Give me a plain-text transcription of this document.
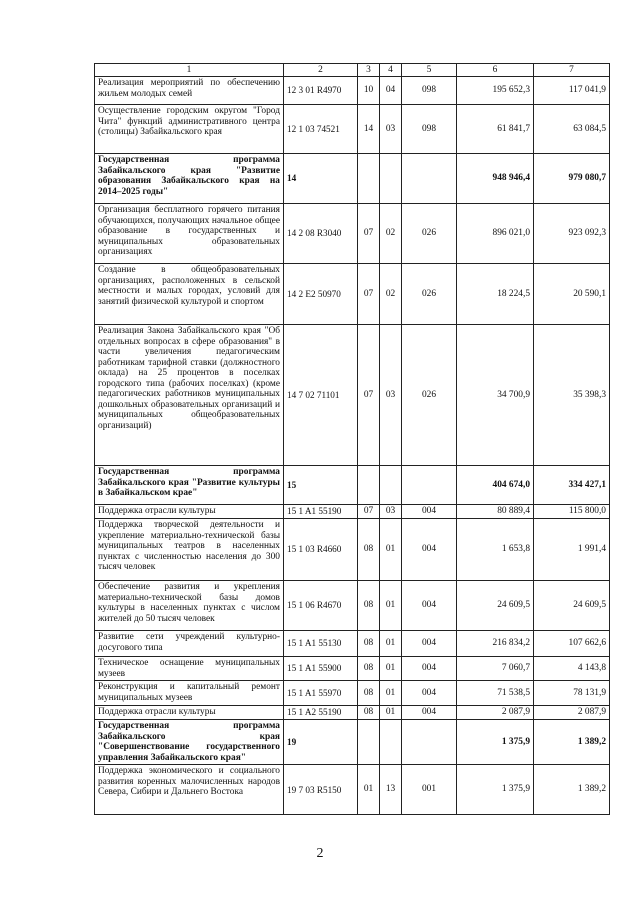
1	2	3	4	5	6	7
Реализация мероприятий по обеспечению жильем молодых семей	12 3 01 R4970	10	04	098	195 652,3	117 041,9
Осуществление городским округом "Город Чита" функций административного центра (столицы) Забайкальского края	12 1 03 74521	14	03	098	61 841,7	63 084,5
Государственная программа Забайкальского края "Развитие образования Забайкальского края на 2014–2025 годы"	14				948 946,4	979 080,7
Организация бесплатного горячего питания обучающихся, получающих начальное общее образование в государственных и муниципальных образовательных организациях	14 2 08 R3040	07	02	026	896 021,0	923 092,3
Создание в общеобразовательных организациях, расположенных в сельской местности и малых городах, условий для занятий физической культурой и спортом	14 2 E2 50970	07	02	026	18 224,5	20 590,1
Реализация Закона Забайкальского края "Об отдельных вопросах в сфере образования" в части увеличения педагогическим работникам тарифной ставки (должностного оклада) на 25 процентов в поселках городского типа (рабочих поселках) (кроме педагогических работников муниципальных дошкольных образовательных организаций и муниципальных общеобразовательных организаций)	14 7 02 71101	07	03	026	34 700,9	35 398,3
Государственная программа Забайкальского края "Развитие культуры в Забайкальском крае"	15				404 674,0	334 427,1
Поддержка отрасли культуры	15 1 A1 55190	07	03	004	80 889,4	115 800,0
Поддержка творческой деятельности и укрепление материально-технической базы муниципальных театров в населенных пунктах с численностью населения до 300 тысяч человек	15 1 03 R4660	08	01	004	1 653,8	1 991,4
Обеспечение развития и укрепления материально-технической базы домов культуры в населенных пунктах с числом жителей до 50 тысяч человек	15 1 06 R4670	08	01	004	24 609,5	24 609,5
Развитие сети учреждений культурно-досугового типа	15 1 A1 55130	08	01	004	216 834,2	107 662,6
Техническое оснащение муниципальных музеев	15 1 A1 55900	08	01	004	7 060,7	4 143,8
Реконструкция и капитальный ремонт муниципальных музеев	15 1 A1 55970	08	01	004	71 538,5	78 131,9
Поддержка отрасли культуры	15 1 A2 55190	08	01	004	2 087,9	2 087,9
Государственная программа Забайкальского края "Совершенствование государственного управления Забайкальского края"	19				1 375,9	1 389,2
Поддержка экономического и социального развития коренных малочисленных народов Севера, Сибири и Дальнего Востока	19 7 03 R5150	01	13	001	1 375,9	1 389,2
2
